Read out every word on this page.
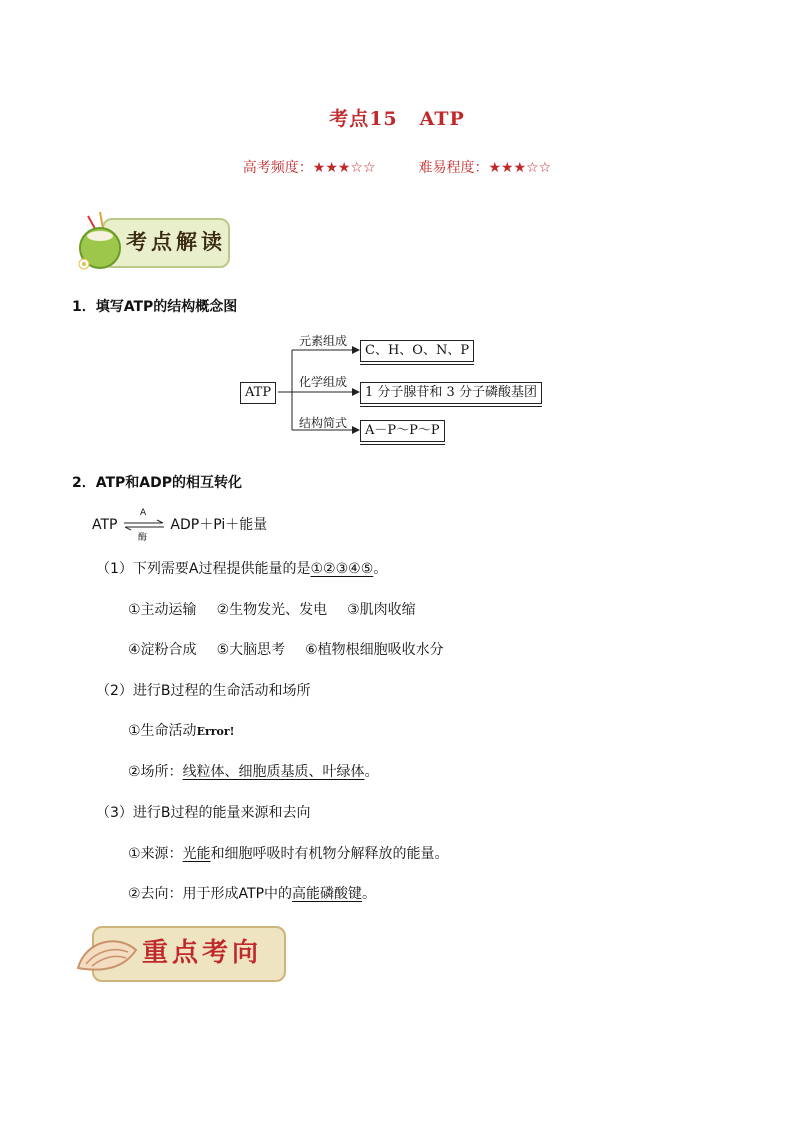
考点15 ATP
高考频度：★★★☆☆	难易程度：★★★☆☆
考点解读
1．填写ATP的结构概念图
ATP
元素组成
C、H、O、N、P
化学组成
1 分子腺苷和 3 分子磷酸基团
结构简式	A－P～P～P
2．ATP和ADP的相互转化
ATP
A
酶
ADP＋Pi＋能量
（1）下列需要A过程提供能量的是①②③④⑤。
①主动运输 ②生物发光、发电 ③肌肉收缩
④淀粉合成 ⑤大脑思考 ⑥植物根细胞吸收水分
（2）进行B过程的生命活动和场所
①生命活动Error!
②场所：线粒体、细胞质基质、叶绿体。
（3）进行B过程的能量来源和去向
①来源：光能和细胞呼吸时有机物分解释放的能量。
②去向：用于形成ATP中的高能磷酸键。
重点考向
